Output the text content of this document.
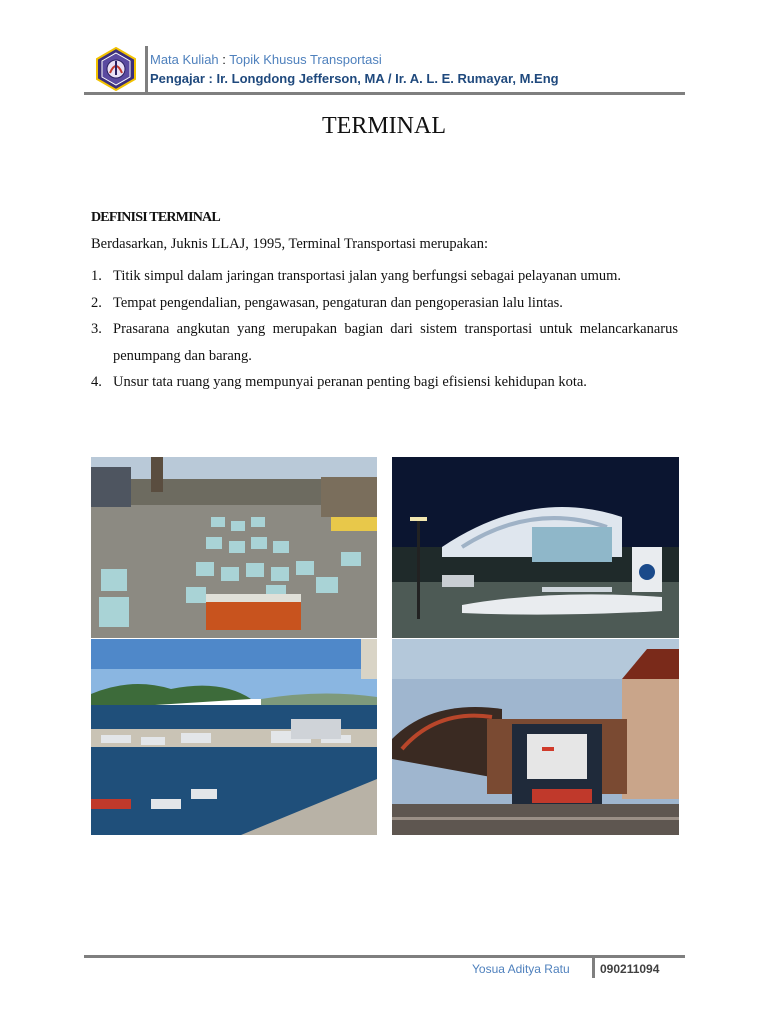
Mata Kuliah : Topik Khusus Transportasi
Pengajar : Ir. Longdong Jefferson, MA / Ir. A. L. E. Rumayar, M.Eng
TERMINAL
DEFINISI TERMINAL
Berdasarkan, Juknis LLAJ, 1995, Terminal Transportasi merupakan:
1. Titik simpul dalam jaringan transportasi jalan yang berfungsi sebagai pelayanan umum.
2. Tempat pengendalian, pengawasan, pengaturan dan pengoperasian lalu lintas.
3. Prasarana angkutan yang merupakan bagian dari sistem transportasi untuk melancarkanarus penumpang dan barang.
4. Unsur tata ruang yang mempunyai peranan penting bagi efisiensi kehidupan kota.
Yosua Aditya Ratu	090211094
